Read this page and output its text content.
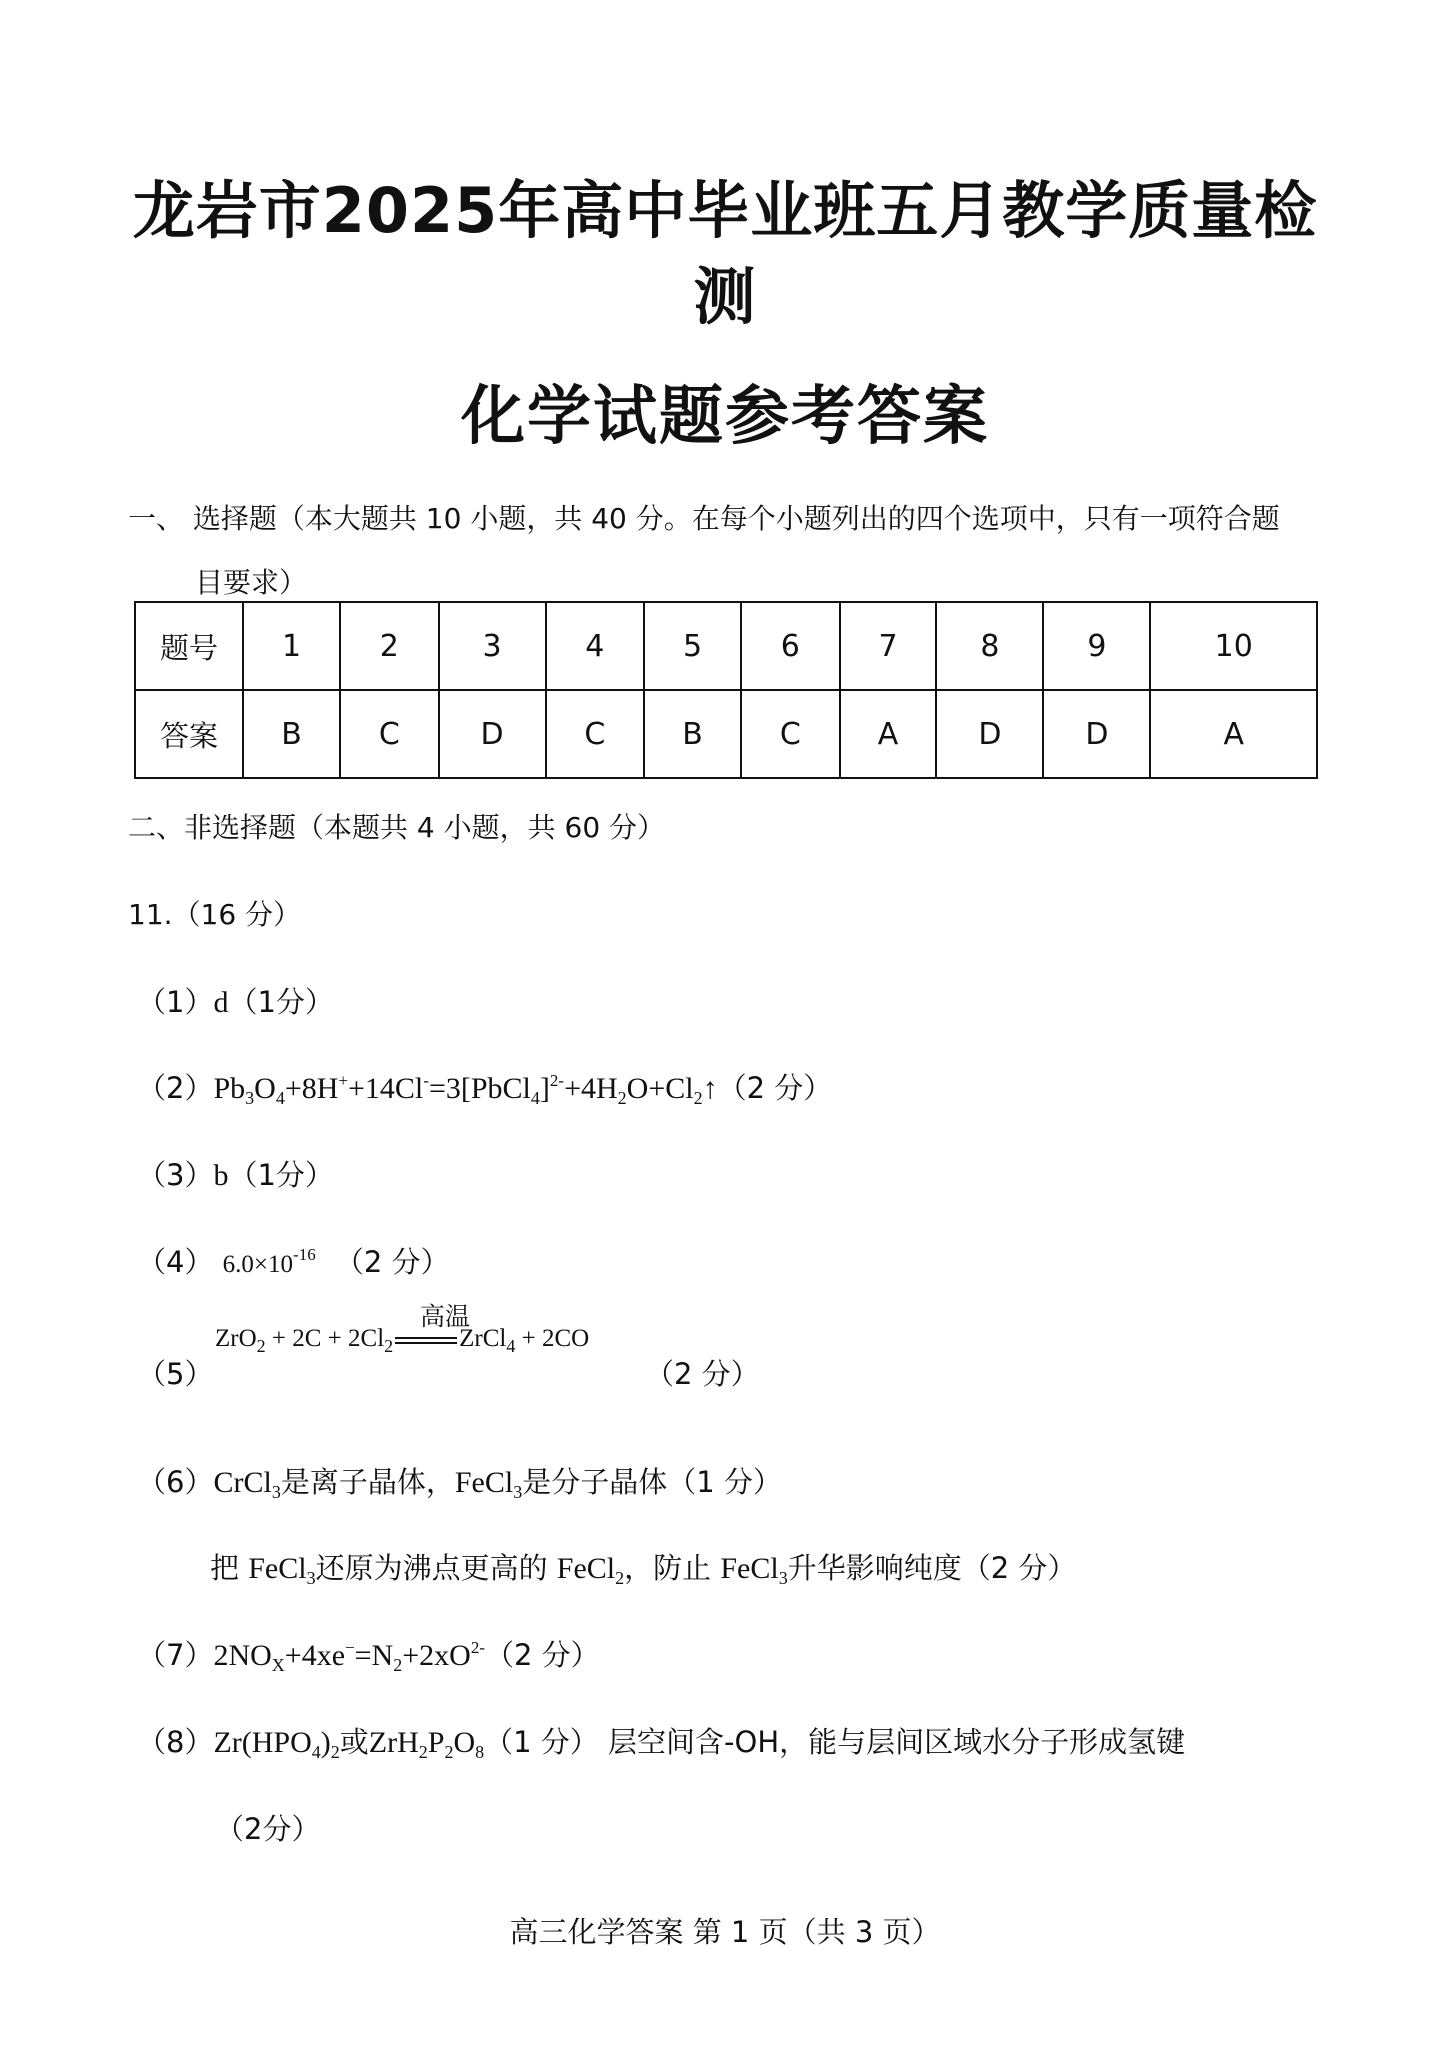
龙岩市2025年高中毕业班五月教学质量检测
化学试题参考答案
一、 选择题（本大题共 10 小题，共 40 分。在每个小题列出的四个选项中，只有一项符合题
目要求）
题号	1	2	3	4	5	6	7	8	9	10
答案	B	C	D	C	B	C	A	D	D	A
二、非选择题（本题共 4 小题，共 60 分）
11.（16 分）
（1）d（1分）
$(2)Pb_3O_4+8H^++14Cl^-=3[PbCl_4]^{2-}+4H_2O+Cl_2↑(2$ 分）
（3）b（1分）
（4） $6.0\times 10^{-16}$ （2 分）
（5）
高温
$ZrO_2 + 2C + 2Cl_2$	ZrCl$_4$ + 2CO
（2 分）
（6）CrCl$_3$是离子晶体，FeCl$_3$是分子晶体（1 分）
把 FeCl$_3$还原为沸点更高的 FeCl$_2$，防止 FeCl$_3$升华影响纯度（2 分）
$(7)2NO_X+4xe^-=N_2+2xO^{2-}(2$ 分）
$(8)Zr(HPO_4)_2$或$ZrH_2P_2O_8(1$ 分） 层空间含-OH，能与层间区域水分子形成氢键
（2分）
高三化学答案 第 1 页（共 3 页）
